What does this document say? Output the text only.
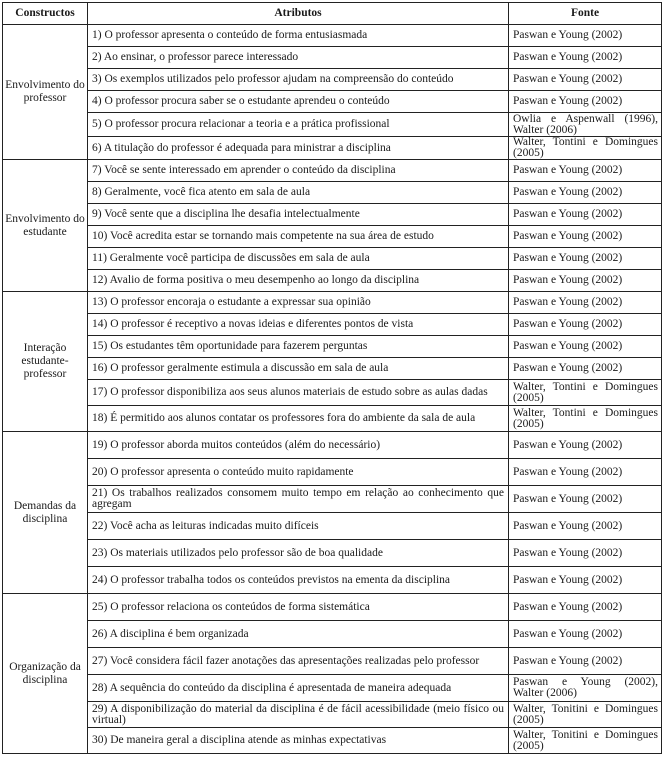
Constructos	Atributos	Fonte
Envolvimento do professor	1) O professor apresenta o conteúdo de forma entusiasmada	Paswan e Young (2002)
	2) Ao ensinar, o professor parece interessado	Paswan e Young (2002)
	3) Os exemplos utilizados pelo professor ajudam na compreensão do conteúdo	Paswan e Young (2002)
	4) O professor procura saber se o estudante aprendeu o conteúdo	Paswan e Young (2002)
	5) O professor procura relacionar a teoria e a prática profissional	Owlia e Aspenwall (1996), Walter (2006)
	6) A titulação do professor é adequada para ministrar a disciplina	Walter, Tontini e Domingues (2005)
Envolvimento do estudante	7) Você se sente interessado em aprender o conteúdo da disciplina	Paswan e Young (2002)
	8) Geralmente, você fica atento em sala de aula	Paswan e Young (2002)
	9) Você sente que a disciplina lhe desafia intelectualmente	Paswan e Young (2002)
	10) Você acredita estar se tornando mais competente na sua área de estudo	Paswan e Young (2002)
	11) Geralmente você participa de discussões em sala de aula	Paswan e Young (2002)
	12) Avalio de forma positiva o meu desempenho ao longo da disciplina	Paswan e Young (2002)
Interação estudante-professor	13) O professor encoraja o estudante a expressar sua opinião	Paswan e Young (2002)
	14) O professor é receptivo a novas ideias e diferentes pontos de vista	Paswan e Young (2002)
	15) Os estudantes têm oportunidade para fazerem perguntas	Paswan e Young (2002)
	16) O professor geralmente estimula a discussão em sala de aula	Paswan e Young (2002)
	17) O professor disponibiliza aos seus alunos materiais de estudo sobre as aulas dadas	Walter, Tontini e Domingues (2005)
	18) É permitido aos alunos contatar os professores fora do ambiente da sala de aula	Walter, Tontini e Domingues (2005)
Demandas da disciplina	19) O professor aborda muitos conteúdos (além do necessário)	Paswan e Young (2002)
	20) O professor apresenta o conteúdo muito rapidamente	Paswan e Young (2002)
	21) Os trabalhos realizados consomem muito tempo em relação ao conhecimento que agregam	Paswan e Young (2002)
	22) Você acha as leituras indicadas muito difíceis	Paswan e Young (2002)
	23) Os materiais utilizados pelo professor são de boa qualidade	Paswan e Young (2002)
	24) O professor trabalha todos os conteúdos previstos na ementa da disciplina	Paswan e Young (2002)
Organização da disciplina	25) O professor relaciona os conteúdos de forma sistemática	Paswan e Young (2002)
	26) A disciplina é bem organizada	Paswan e Young (2002)
	27) Você considera fácil fazer anotações das apresentações realizadas pelo professor	Paswan e Young (2002)
	28) A sequência do conteúdo da disciplina é apresentada de maneira adequada	Paswan e Young (2002), Walter (2006)
	29) A disponibilização do material da disciplina é de fácil acessibilidade (meio físico ou virtual)	Walter, Tonitini e Domingues (2005)
	30) De maneira geral a disciplina atende as minhas expectativas	Walter, Tonitini e Domingues (2005)
